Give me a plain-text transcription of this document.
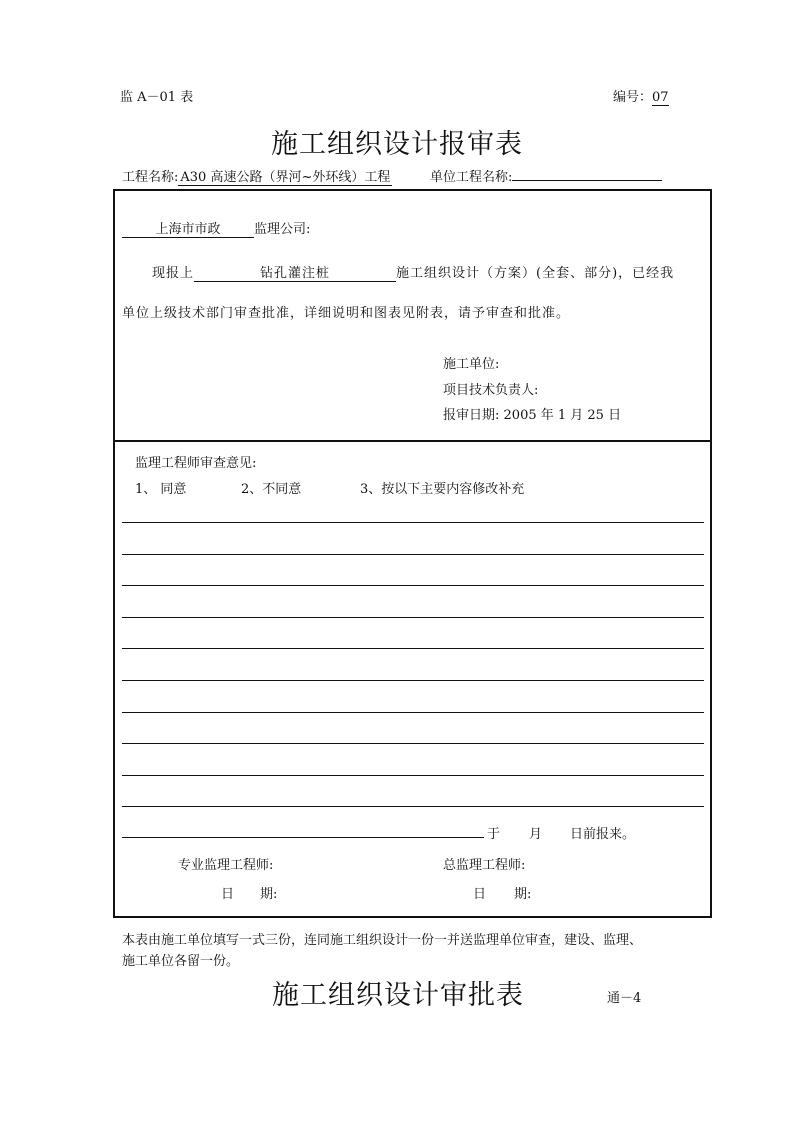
监 A－01 表	编号：07
施工组织设计报审表
工程名称: A30 高速公路（界河~外环线）工程	单位工程名称:
上海市市政	监理公司:
现报上	钻孔灌注桩	施工组织设计（方案）(全套、部分)，已经我
单位上级技术部门审查批准，详细说明和图表见附表，请予审查和批准。
施工单位:
项目技术负责人:
报审日期: 2005 年 1 月 25 日
监理工程师审查意见:
1、 同意	2、不同意	3、按以下主要内容修改补充
于 月 日前报来。
专业监理工程师:	总监理工程师:
日 期:	日 期:
本表由施工单位填写一式三份，连同施工组织设计一份一并送监理单位审查，建设、监理、
施工单位各留一份。
施工组织设计审批表	通－4
